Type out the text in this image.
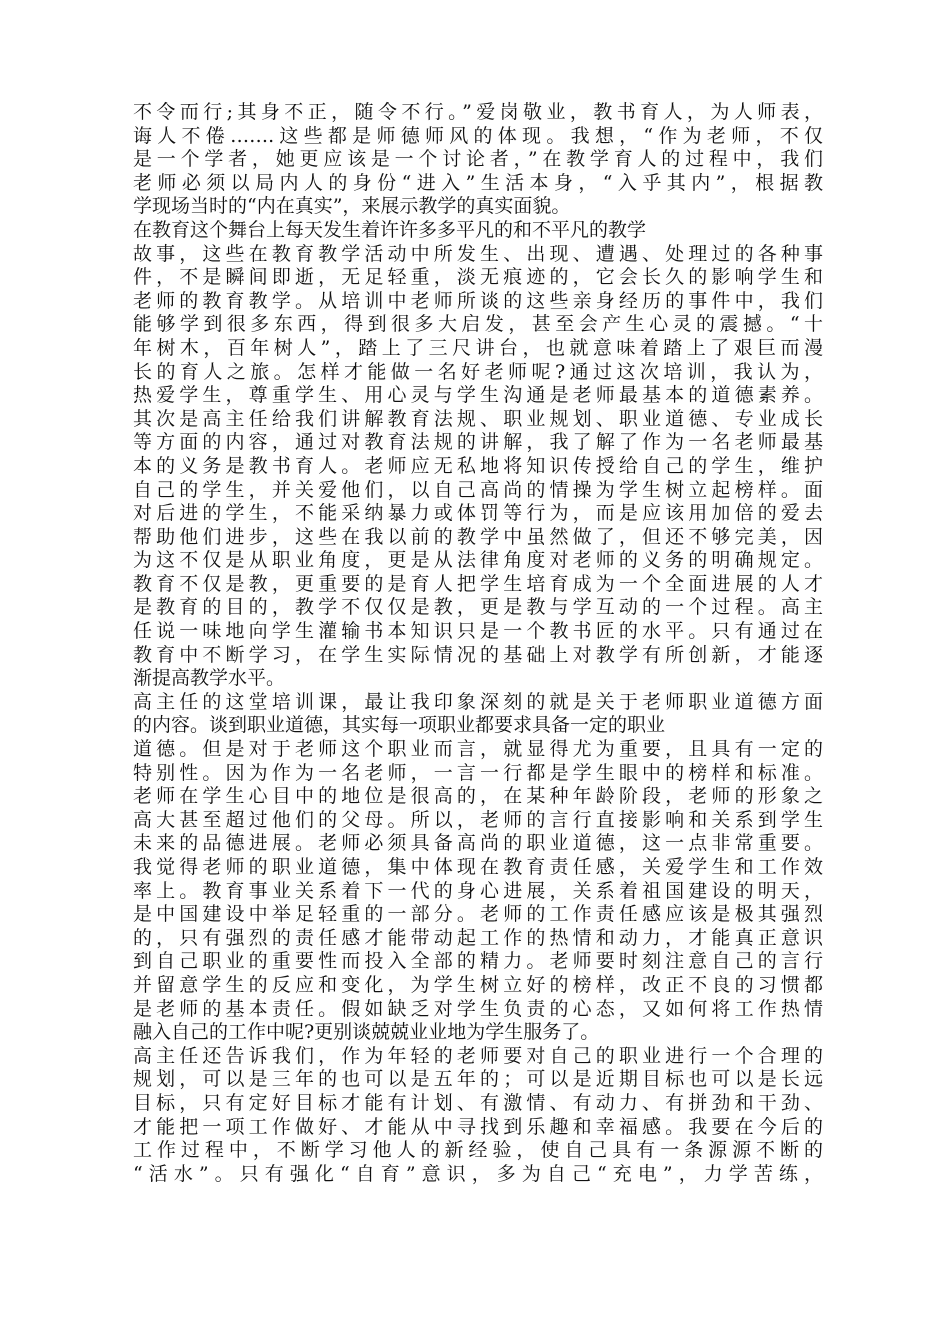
不令而行;其身不正，随令不行。”爱岗敬业，教书育人，为人师表，
诲人不倦…….这些都是师德师风的体现。我想，“作为老师，不仅
是一个学者，她更应该是一个讨论者，”在教学育人的过程中，我们
老师必须以局内人的身份“进入”生活本身，“入乎其内”，根据教
学现场当时的“内在真实”，来展示教学的真实面貌。
在教育这个舞台上每天发生着许许多多平凡的和不平凡的教学
故事，这些在教育教学活动中所发生、出现、遭遇、处理过的各种事
件，不是瞬间即逝，无足轻重，淡无痕迹的，它会长久的影响学生和
老师的教育教学。从培训中老师所谈的这些亲身经历的事件中，我们
能够学到很多东西，得到很多大启发，甚至会产生心灵的震撼。“十
年树木，百年树人”，踏上了三尺讲台，也就意味着踏上了艰巨而漫
长的育人之旅。怎样才能做一名好老师呢?通过这次培训，我认为，
热爱学生，尊重学生、用心灵与学生沟通是老师最基本的道德素养。
其次是高主任给我们讲解教育法规、职业规划、职业道德、专业成长
等方面的内容，通过对教育法规的讲解，我了解了作为一名老师最基
本的义务是教书育人。老师应无私地将知识传授给自己的学生，维护
自己的学生，并关爱他们，以自己高尚的情操为学生树立起榜样。面
对后进的学生，不能采纳暴力或体罚等行为，而是应该用加倍的爱去
帮助他们进步，这些在我以前的教学中虽然做了，但还不够完美，因
为这不仅是从职业角度，更是从法律角度对老师的义务的明确规定。
教育不仅是教，更重要的是育人把学生培育成为一个全面进展的人才
是教育的目的，教学不仅仅是教，更是教与学互动的一个过程。高主
任说一味地向学生灌输书本知识只是一个教书匠的水平。只有通过在
教育中不断学习，在学生实际情况的基础上对教学有所创新，才能逐
渐提高教学水平。
高主任的这堂培训课，最让我印象深刻的就是关于老师职业道德方面
的内容。谈到职业道德，其实每一项职业都要求具备一定的职业
道德。但是对于老师这个职业而言，就显得尤为重要，且具有一定的
特别性。因为作为一名老师，一言一行都是学生眼中的榜样和标准。
老师在学生心目中的地位是很高的，在某种年龄阶段，老师的形象之
高大甚至超过他们的父母。所以，老师的言行直接影响和关系到学生
未来的品德进展。老师必须具备高尚的职业道德，这一点非常重要。
我觉得老师的职业道德，集中体现在教育责任感，关爱学生和工作效
率上。教育事业关系着下一代的身心进展，关系着祖国建设的明天，
是中国建设中举足轻重的一部分。老师的工作责任感应该是极其强烈
的，只有强烈的责任感才能带动起工作的热情和动力，才能真正意识
到自己职业的重要性而投入全部的精力。老师要时刻注意自己的言行
并留意学生的反应和变化，为学生树立好的榜样，改正不良的习惯都
是老师的基本责任。假如缺乏对学生负责的心态，又如何将工作热情
融入自己的工作中呢?更别谈兢兢业业地为学生服务了。
高主任还告诉我们，作为年轻的老师要对自己的职业进行一个合理的
规划，可以是三年的也可以是五年的；可以是近期目标也可以是长远
目标，只有定好目标才能有计划、有激情、有动力、有拼劲和干劲、
才能把一项工作做好、才能从中寻找到乐趣和幸福感。我要在今后的
工作过程中，不断学习他人的新经验，使自己具有一条源源不断的
“活水”。只有强化“自育”意识，多为自己“充电”，力学苦练，
